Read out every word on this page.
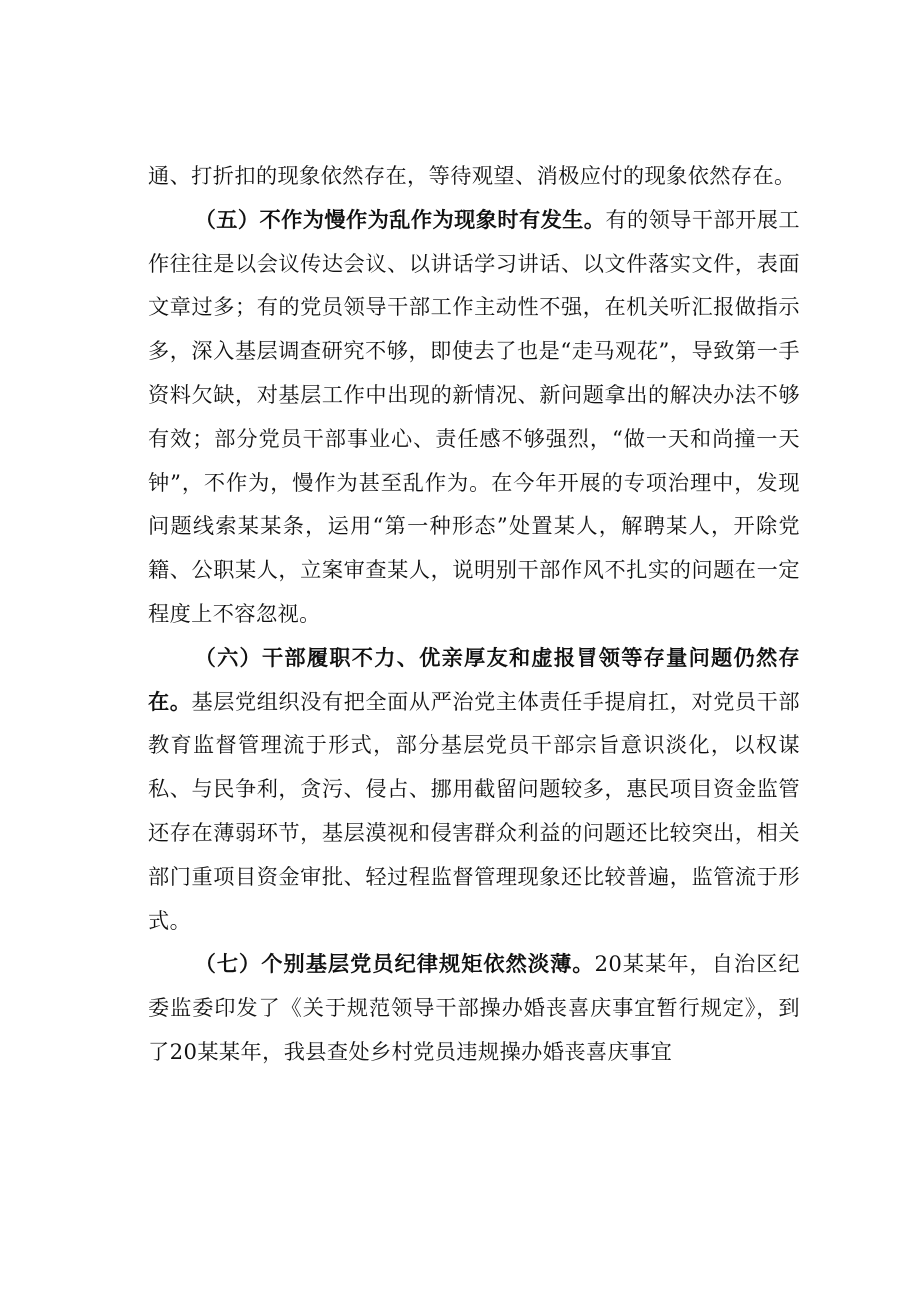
通、打折扣的现象依然存在，等待观望、消极应付的现象依然存在。

（五）不作为慢作为乱作为现象时有发生。有的领导干部开展工作往往是以会议传达会议、以讲话学习讲话、以文件落实文件，表面文章过多；有的党员领导干部工作主动性不强，在机关听汇报做指示多，深入基层调查研究不够，即使去了也是“走马观花”，导致第一手资料欠缺，对基层工作中出现的新情况、新问题拿出的解决办法不够有效；部分党员干部事业心、责任感不够强烈，“做一天和尚撞一天钟”，不作为，慢作为甚至乱作为。在今年开展的专项治理中，发现问题线索某某条，运用“第一种形态”处置某人，解聘某人，开除党籍、公职某人，立案审查某人，说明别干部作风不扎实的问题在一定程度上不容忽视。

（六）干部履职不力、优亲厚友和虚报冒领等存量问题仍然存在。基层党组织没有把全面从严治党主体责任手提肩扛，对党员干部教育监督管理流于形式，部分基层党员干部宗旨意识淡化，以权谋私、与民争利，贪污、侵占、挪用截留问题较多，惠民项目资金监管还存在薄弱环节，基层漠视和侵害群众利益的问题还比较突出，相关部门重项目资金审批、轻过程监督管理现象还比较普遍，监管流于形式。

（七）个别基层党员纪律规矩依然淡薄。20某某年，自治区纪委监委印发了《关于规范领导干部操办婚丧喜庆事宜暂行规定》，到了20某某年，我县查处乡村党员违规操办婚丧喜庆事宜
